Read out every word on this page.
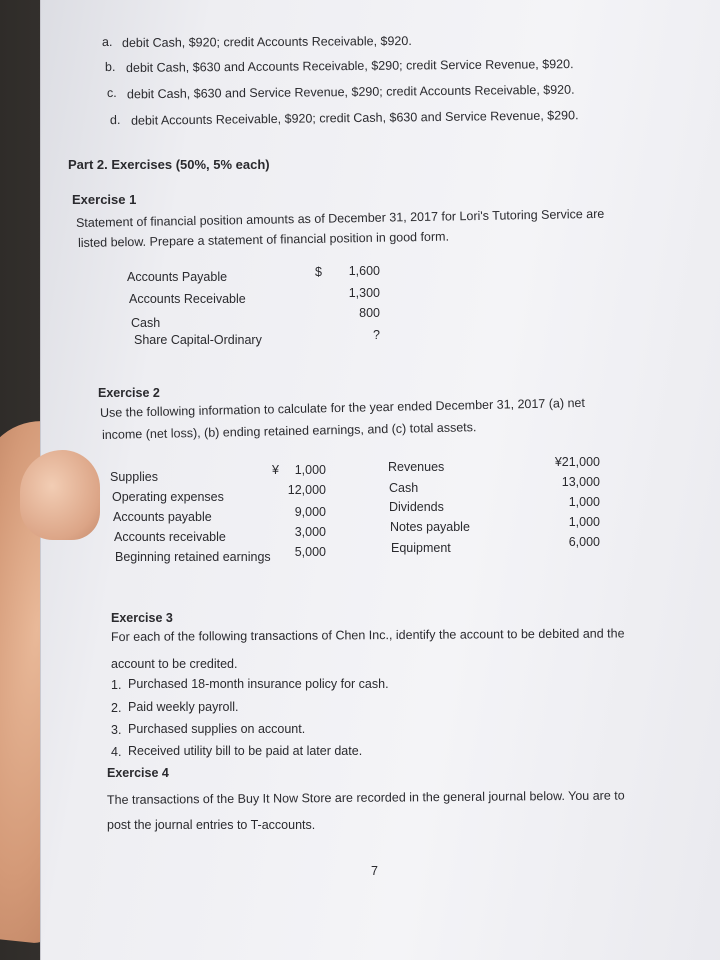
a. debit Cash, $920; credit Accounts Receivable, $920.
b. debit Cash, $630 and Accounts Receivable, $290; credit Service Revenue, $920.
c. debit Cash, $630 and Service Revenue, $290; credit Accounts Receivable, $920.
d. debit Accounts Receivable, $920; credit Cash, $630 and Service Revenue, $290.
Part 2. Exercises (50%, 5% each)
Exercise 1
Statement of financial position amounts as of December 31, 2017 for Lori's Tutoring Service are
listed below. Prepare a statement of financial position in good form.
Accounts Payable
Accounts Receivable
Cash
Share Capital-Ordinary
$	1,600
1,300
800
?
Exercise 2
Use the following information to calculate for the year ended December 31, 2017 (a) net
income (net loss), (b) ending retained earnings, and (c) total assets.
Supplies
Operating expenses
Accounts payable
Accounts receivable
Beginning retained earnings
¥	1,000
12,000
9,000
3,000
5,000
Revenues
Cash
Dividends
Notes payable
Equipment
¥21,000
13,000
1,000
1,000
6,000
Exercise 3
For each of the following transactions of Chen Inc., identify the account to be debited and the
account to be credited.
1. Purchased 18-month insurance policy for cash.
2. Paid weekly payroll.
3. Purchased supplies on account.
4. Received utility bill to be paid at later date.
Exercise 4
The transactions of the Buy It Now Store are recorded in the general journal below. You are to
post the journal entries to T-accounts.
7
